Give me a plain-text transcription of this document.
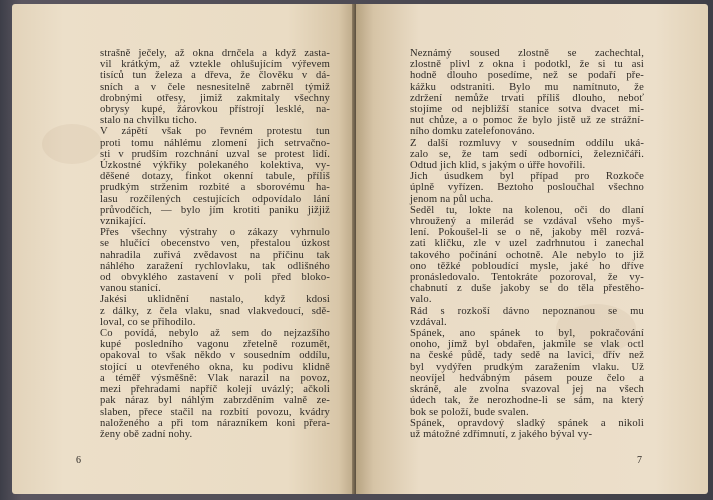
strašně ječely, až okna drnčela a když zasta-
vil krátkým, až vztekle ohlušujícím výřevem
tisíců tun železa a dřeva, že člověku v dá-
sních a v čele nesnesitelně zabrněl týmiž
drobnými otřesy, jimiž zakmitaly všechny
obrysy kupé, žárovkou přístrojí lesklé, na-
stalo na chvilku ticho.

V zápětí však po řevném protestu tun
proti tomu náhlému zlomení jich setrvačno-
sti v prudším rozchnání uzval se protest lidí.
Úzkostné výkřiky polekaného kolektiva, vy-
děšené dotazy, finkot okenní tabule, příliš
prudkým strženim rozbité a sborovému ha-
lasu rozčílených cestujících odpovídalo lání
průvodčích, — bylo jím krotiti paniku jižjiž
vznikající.

Přes všechny výstrahy o zákazy vyhrnulo
se hlučící obecenstvo ven, přestalou úzkost
nahradila zuřivá zvědavost na příčinu tak
náhlého zaražení rychlovlaku, tak odlišného
od obvyklého zastavení v poli před bloko-
vanou stanicí.

Jakési uklidnění nastalo, když kdosi
z dálky, z čela vlaku, snad vlakvedoucí, sdě-
loval, co se přihodilo.

Co povídá, nebylo až sem do nejzazšího
kupé posledního vagonu zřetelně rozumět,
opakoval to však někdo v sousedním oddílu,
stojící u otevřeného okna, ku podivu klidně
a téměř výsměšně: Vlak narazil na povoz,
mezi přehradami napříč kolejí uvázlý; ačkoli
pak náraz byl náhlým zabrzděním valně ze-
slaben, přece stačil na rozbití povozu, kvádry
naloženého a při tom nárazníkem koni přera-
ženy obě zadní nohy.

6

Neznámý soused zlostně se zachechtal,
zlostně plivl z okna i podotkl, že si tu asi
hodně dlouho posedíme, než se podaří pře-
kážku odstraniti. Bylo mu namítnuto, že
zdržení nemůže trvati příliš dlouho, neboť
stojíme od nejbližší stanice sotva dvacet mi-
nut chůze, a o pomoc že bylo jistě už ze strážní-
ního domku zatelefonováno.

Z další rozmluvy v sousedním oddílu uká-
zalo se, že tam sedí odborníci, železničáři.
Odtud jich klid, s jakým o úřře hovořili.

Jich úsudkem byl případ pro Rozkoče
úplně vyřízen. Beztoho posloučhal všechno
jenom na půl ucha.

Seděl tu, lokte na kolenou, oči do dlaní
vhroužený a milerád se vzdával všeho myš-
lení. Pokoušel-li se o ně, jakoby měl rozvá-
zati kličku, zle v uzel zadrhnutou i zanechal
takového počínání ochotně. Ale nebylo to již
ono těžké pobloudící mysle, jaké ho dříve
pronásledovalo. Tentokráte pozoroval, že vy-
chabnutí z duše jakoby se do těla přestěho-
valo.

Rád s rozkoší dávno nepoznanou se mu
vzdával.

Spánek, ano spánek to byl, pokračování
onoho, jímž byl obdařen, jakmile se vlak octl
na české půdě, tady sedě na lavici, dřív než
byl vydýřen prudkým zaražením vlaku. Už
neovíjel hedvábným pásem pouze čelo a
skráně, ale zvolna svazoval jej na všech
údech tak, že nerozhodne-li se sám, na který
bok se položí, bude svalen.

Spánek, opravdový sladký spánek a nikoli
už mátožné zdřímnutí, z jakého býval vy-

7
